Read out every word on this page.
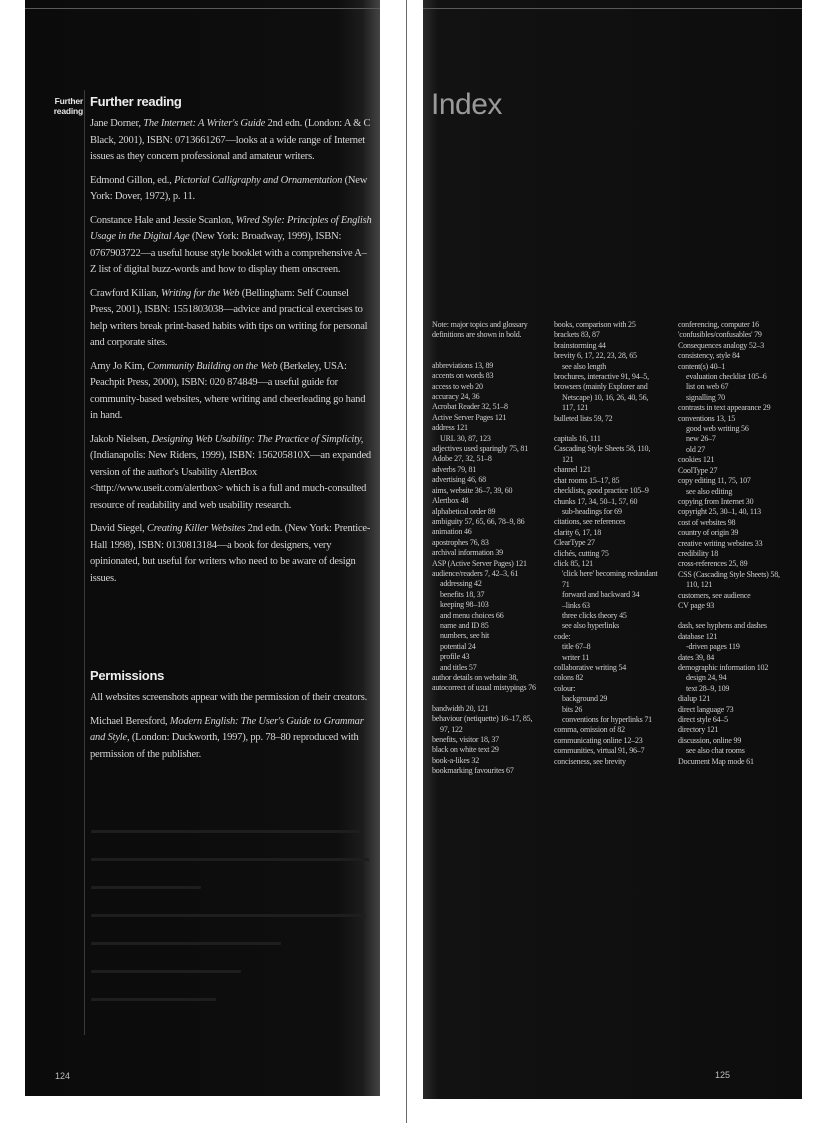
Further reading
Further reading

Jane Dorner, The Internet: A Writer's Guide 2nd edn. (London: A & C Black, 2001), ISBN: 0713661267—looks at a wide range of Internet issues as they concern professional and amateur writers.

Edmond Gillon, ed., Pictorial Calligraphy and Ornamentation (New York: Dover, 1972), p. 11.

Constance Hale and Jessie Scanlon, Wired Style: Principles of English Usage in the Digital Age (New York: Broadway, 1999), ISBN: 0767903722—a useful house style booklet with a comprehensive A–Z list of digital buzz-words and how to display them onscreen.

Crawford Kilian, Writing for the Web (Bellingham: Self Counsel Press, 2001), ISBN: 1551803038—advice and practical exercises to help writers break print-based habits with tips on writing for personal and corporate sites.

Amy Jo Kim, Community Building on the Web (Berkeley, USA: Peachpit Press, 2000), ISBN: 020 874849—a useful guide for community-based websites, where writing and cheerleading go hand in hand.

Jakob Nielsen, Designing Web Usability: The Practice of Simplicity, (Indianapolis: New Riders, 1999), ISBN: 156205810X—an expanded version of the author's Usability AlertBox <http://www.useit.com/alertbox> which is a full and much-consulted resource of readability and web usability research.

David Siegel, Creating Killer Websites 2nd edn. (New York: Prentice-Hall 1998), ISBN: 0130813184—a book for designers, very opinionated, but useful for writers who need to be aware of design issues.

Permissions

All websites screenshots appear with the permission of their creators.

Michael Beresford, Modern English: The User's Guide to Grammar and Style, (London: Duckworth, 1997), pp. 78–80 reproduced with permission of the publisher.

124
Index
Note: major topics and glossary definitions are shown in bold.
abbreviations 13, 89
accents on words 83
access to web 20
accuracy 24, 36
Acrobat Reader 32, 51–8
Active Server Pages 121
address 121
URL 30, 87, 123
adjectives used sparingly 75, 81
Adobe 27, 32, 51–8
adverbs 79, 81
advertising 46, 68
aims, website 36–7, 39, 60
Alertbox 48
alphabetical order 89
ambiguity 57, 65, 66, 78–9, 86
animation 46
apostrophes 76, 83
archival information 39
ASP (Active Server Pages) 121
audience/readers 7, 42–3, 61
addressing 42
benefits 18, 37
keeping 98–103
and menu choices 66
name and ID 85
numbers, see hit
potential 24
profile 43
and titles 57
author details on website 38,
autocorrect of usual mistypings 76
bandwidth 20, 121
behaviour (netiquette) 16–17, 85,
97, 122
benefits, visitor 18, 37
black on white text 29
book-a-likes 32
bookmarking favourites 67
books, comparison with 25
brackets 83, 87
brainstorming 44
brevity 6, 17, 22, 23, 28, 65
see also length
brochures, interactive 91, 94–5,
browsers (mainly Explorer and
Netscape) 10, 16, 26, 40, 56,
117, 121
bulleted lists 59, 72
capitals 16, 111
Cascading Style Sheets 58, 110,
121
channel 121
chat rooms 15–17, 85
checklists, good practice 105–9
chunks 17, 34, 50–1, 57, 60
sub-headings for 69
citations, see references
clarity 6, 17, 18
ClearType 27
clichés, cutting 75
click 85, 121
'click here' becoming redundant
71
forward and backward 34
–links 63
three clicks theory 45
see also hyperlinks
code:
title 67–8
writer 11
collaborative writing 54
colons 82
colour:
background 29
bits 26
conventions for hyperlinks 71
comma, omission of 82
communicating online 12–23
communities, virtual 91, 96–7
conciseness, see brevity
conferencing, computer 16
'confusibles/confusables' 79
Consequences analogy 52–3
consistency, style 84
content(s) 40–1
evaluation checklist 105–6
list on web 67
signalling 70
contrasts in text appearance 29
conventions 13, 15
good web writing 56
new 26–7
old 27
cookies 121
CoolType 27
copy editing 11, 75, 107
see also editing
copying from Internet 30
copyright 25, 30–1, 40, 113
cost of websites 98
country of origin 39
creative writing websites 33
credibility 18
cross-references 25, 89
CSS (Cascading Style Sheets) 58,
110, 121
customers, see audience
CV page 93
dash, see hyphens and dashes
database 121
-driven pages 119
dates 39, 84
demographic information 102
design 24, 94
text 28–9, 109
dialup 121
direct language 73
direct style 64–5
directory 121
discussion, online 99
see also chat rooms
Document Map mode 61
125
